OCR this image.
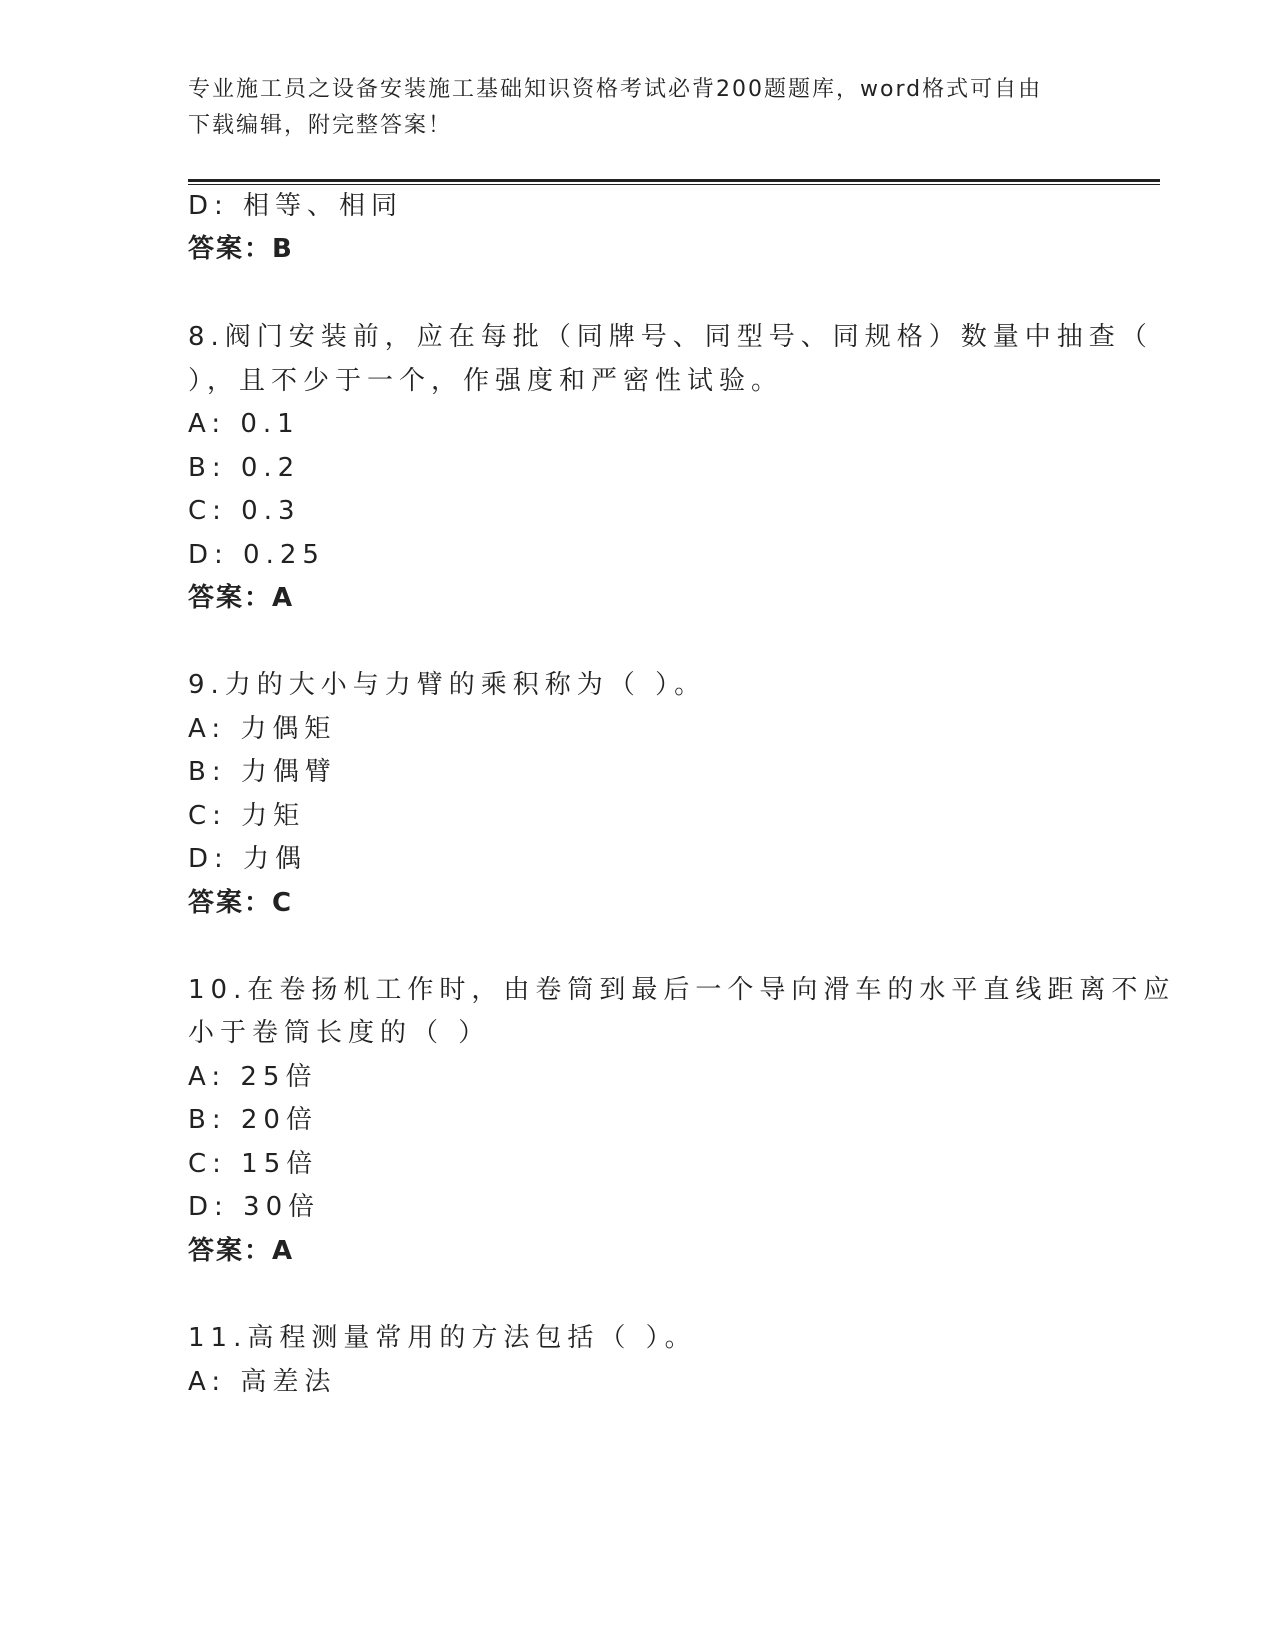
专业施工员之设备安装施工基础知识资格考试必背200题题库，word格式可自由
下载编辑，附完整答案！
D: 相等、相同
答案：B
8.阀门安装前，应在每批（同牌号、同型号、同规格）数量中抽查（
），且不少于一个，作强度和严密性试验。
A: 0.1
B: 0.2
C: 0.3
D: 0.25
答案：A
9.力的大小与力臂的乘积称为（ ）。
A: 力偶矩
B: 力偶臂
C: 力矩
D: 力偶
答案：C
10.在卷扬机工作时，由卷筒到最后一个导向滑车的水平直线距离不应
小于卷筒长度的（ ）
A: 25倍
B: 20倍
C: 15倍
D: 30倍
答案：A
11.高程测量常用的方法包括（ ）。
A: 高差法
